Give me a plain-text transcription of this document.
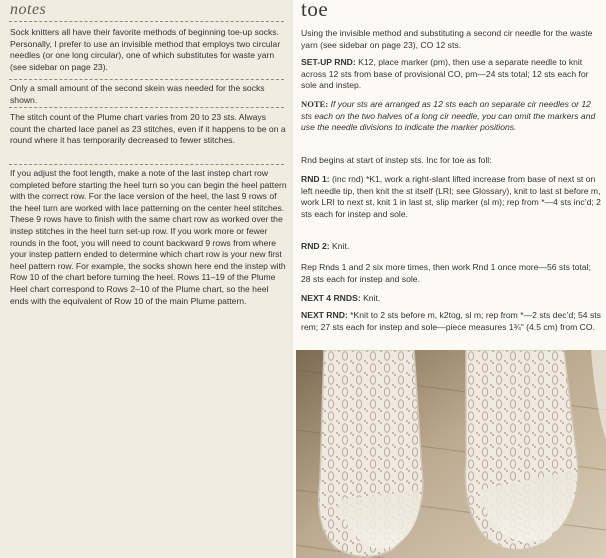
notes

Sock knitters all have their favorite methods of beginning toe-up socks. Personally, I prefer to use an invisible method that employs two circular needles (or one long circular), one of which substitutes for waste yarn (see sidebar on page 23).

Only a small amount of the second skein was needed for the socks shown.

The stitch count of the Plume chart varies from 20 to 23 sts. Always count the charted lace panel as 23 stitches, even if it happens to be on a round where it has temporarily decreased to fewer stitches.

If you adjust the foot length, make a note of the last instep chart row completed before starting the heel turn so you can begin the heel pattern with the correct row. For the lace version of the heel, the last 9 rows of the heel turn are worked with lace patterning on the center heel stitches. These 9 rows have to finish with the same chart row as worked over the instep stitches in the heel turn set-up row. If you work more or fewer rounds in the foot, you will need to count backward 9 rows from where your instep pattern ended to determine which chart row is your new first heel pattern row. For example, the socks shown here end the instep with Row 10 of the chart before turning the heel. Rows 11–19 of the Plume Heel chart correspond to Rows 2–10 of the Plume chart, so the heel ends with the equivalent of Row 10 of the main Plume pattern.

toe

Using the invisible method and substituting a second cir needle for the waste yarn (see sidebar on page 23), CO 12 sts.

SET-UP RND: K12, place marker (pm), then use a separate needle to knit across 12 sts from base of provisional CO, pm—24 sts total; 12 sts each for sole and instep.

NOTE: If your sts are arranged as 12 sts each on separate cir needles or 12 sts each on the two halves of a long cir needle, you can omit the markers and use the needle divisions to indicate the marker positions.

Rnd begins at start of instep sts. Inc for toe as foll:

RND 1: (inc rnd) *K1, work a right-slant lifted increase from base of next st on left needle tip, then knit the st itself (LRI; see Glossary), knit to last st before m, work LRI to next st, knit 1 in last st, slip marker (sl m); rep from *—4 sts inc’d; 2 sts each for instep and sole.

RND 2: Knit.

Rep Rnds 1 and 2 six more times, then work Rnd 1 once more—56 sts total; 28 sts each for instep and sole.

NEXT 4 RNDS: Knit.

NEXT RND: *Knit to 2 sts before m, k2tog, sl m; rep from *—2 sts dec’d; 54 sts rem; 27 sts each for instep and sole—piece measures 1¾" (4.5 cm) from CO.
